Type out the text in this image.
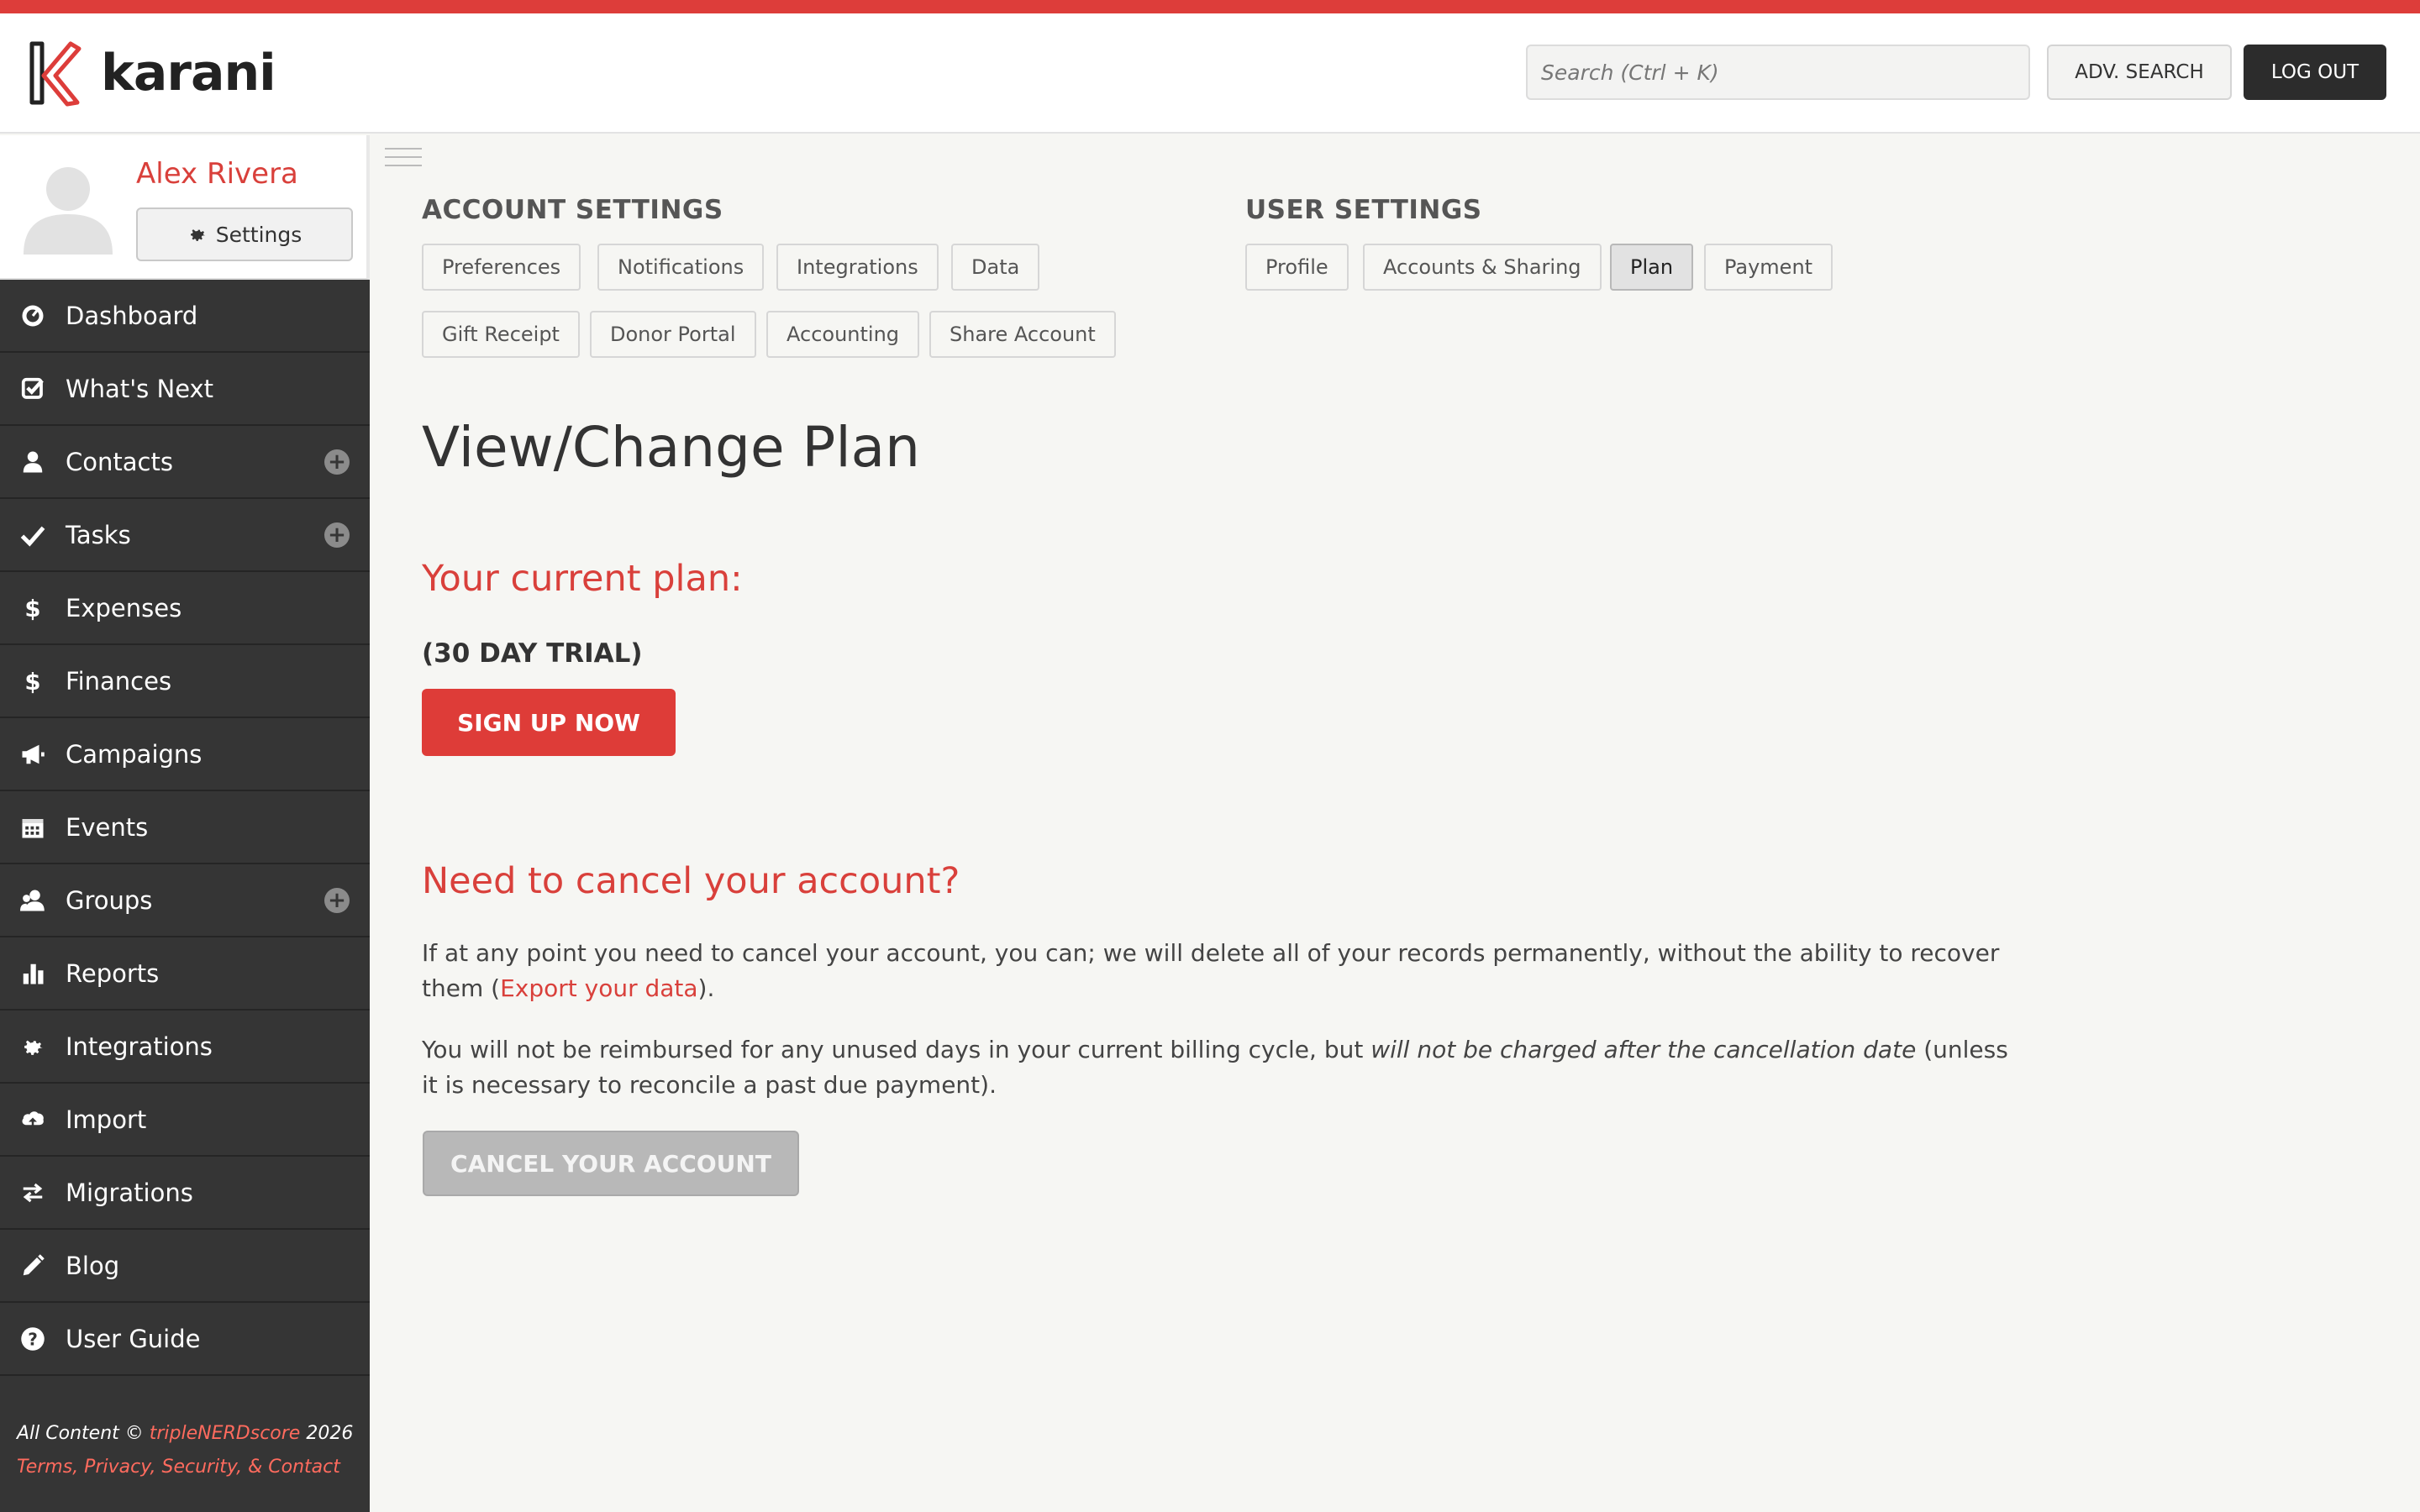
karani
Search (Ctrl + K)	ADV. SEARCH	LOG OUT
Alex Rivera
Settings
Dashboard
What's Next
Contacts	+
Tasks	+
$ Expenses
$ Finances
Campaigns
Events
Groups	+
Reports
Integrations
Import
Migrations
Blog
? User Guide
All Content © tripleNERDscore 2026
Terms, Privacy, Security, & Contact
ACCOUNT SETTINGS
Preferences	Notifications	Integrations	Data
Gift Receipt	Donor Portal	Accounting	Share Account
USER SETTINGS
Profile	Accounts & Sharing	Plan	Payment
View/Change Plan
Your current plan:
(30 DAY TRIAL)
SIGN UP NOW
Need to cancel your account?

If at any point you need to cancel your account, you can; we will delete all of your records permanently, without the ability to recover them (Export your data).

You will not be reimbursed for any unused days in your current billing cycle, but will not be charged after the cancellation date (unless it is necessary to reconcile a past due payment).

CANCEL YOUR ACCOUNT
